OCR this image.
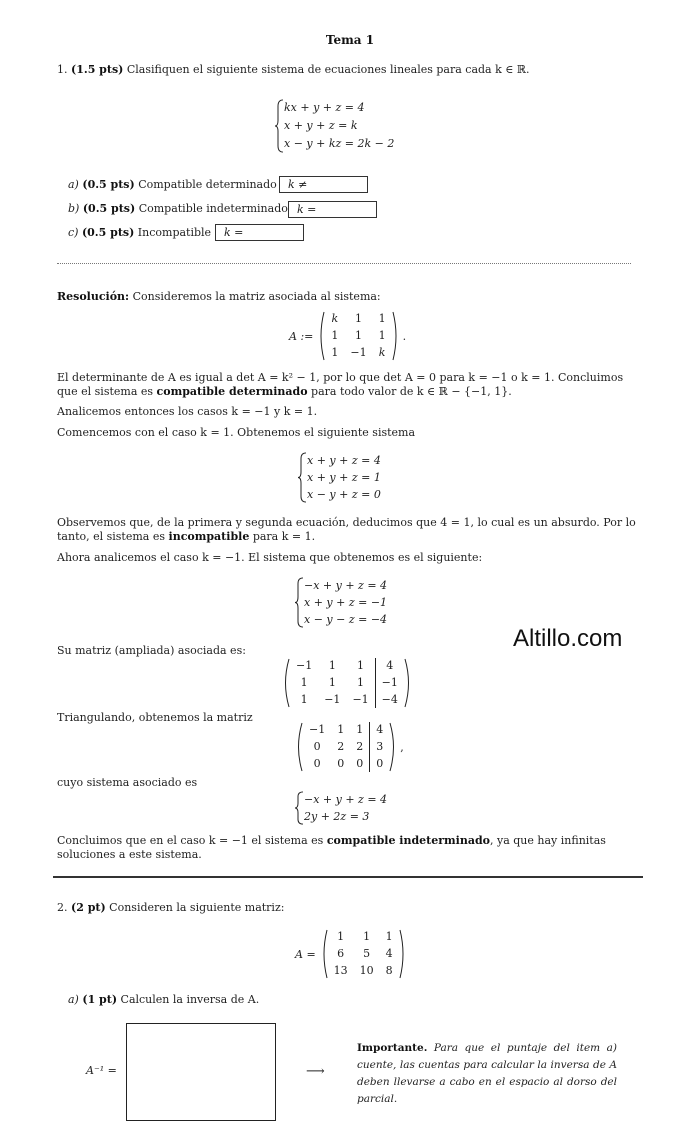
Tema 1
1. (1.5 pts) Clasifiquen el siguiente sistema de ecuaciones lineales para cada k ∈ ℝ.
kx + y + z = 4
x + y + z = k
x − y + kz = 2k − 2
a) (0.5 pts) Compatible determinado	k ≠
b) (0.5 pts) Compatible indeterminado k =
c) (0.5 pts) Incompatible	k =
Resolución: Consideremos la matriz asociada al sistema:
A :=
k	1	1
1	1	1
1	−1	k
.
El determinante de A es igual a det A = k² − 1, por lo que det A = 0 para k = −1 o k = 1. Concluimos que el sistema es compatible determinado para todo valor de k ∈ ℝ − {−1, 1}.
Analicemos entonces los casos k = −1 y k = 1.
Comencemos con el caso k = 1. Obtenemos el siguiente sistema
x + y + z = 4
x + y + z = 1
x − y + z = 0
Observemos que, de la primera y segunda ecuación, deducimos que 4 = 1, lo cual es un absurdo. Por lo tanto, el sistema es incompatible para k = 1.
Ahora analicemos el caso k = −1. El sistema que obtenemos es el siguiente:
−x + y + z = 4
x + y + z = −1
x − y − z = −4
Altillo.com
Su matriz (ampliada) asociada es:
−1	1	1	4
1	1	1	−1
1	−1	−1	−4
Triangulando, obtenemos la matriz
−1	1	1	4
0	2	2	3
0	0	0	0
,
cuyo sistema asociado es
−x + y + z = 4
2y + 2z = 3
Concluimos que en el caso k = −1 el sistema es compatible indeterminado, ya que hay infinitas soluciones a este sistema.
2. (2 pt) Consideren la siguiente matriz:
A =
1	1	1
6	5	4
13	10	8
a) (1 pt) Calculen la inversa de A.
A⁻¹ =	⟶
Importante. Para que el puntaje del item a) cuente, las cuentas para calcular la inversa de A deben llevarse a cabo en el espacio al dorso del parcial.
